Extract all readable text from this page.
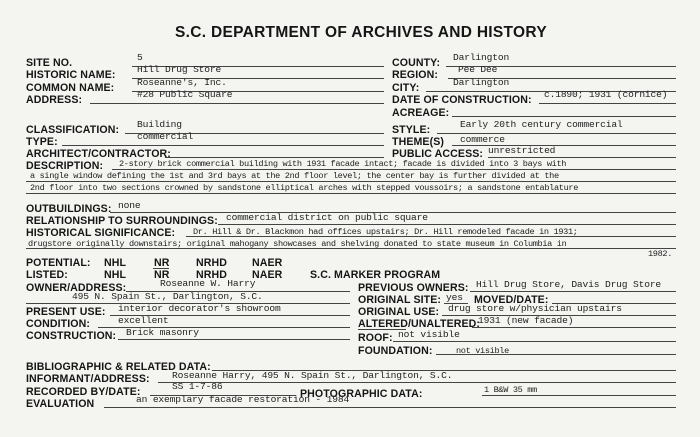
S.C. DEPARTMENT OF ARCHIVES AND HISTORY
SITE NO.	5
HISTORIC NAME: Hill Drug Store
COMMON NAME: Roseanne's, Inc.
ADDRESS:	#28 Public Square
CLASSIFICATION: Building
TYPE:	commercial
ARCHITECT/CONTRACTOR:
COUNTY: Darlington
REGION: Pee Dee
CITY:	Darlington
DATE OF CONSTRUCTION: c.1890; 1931 (cornice)
ACREAGE:
STYLE:	Early 20th century commercial
THEME(S) commerce
PUBLIC ACCESS: unrestricted
DESCRIPTION: 2-story brick commercial building with 1931 facade intact; facade is divided into 3 bays with
a single window defining the 1st and 3rd bays at the 2nd floor level; the center bay is further divided at the
2nd floor into two sections crowned by sandstone elliptical arches with stepped voussoirs; a sandstone entablature
OUTBUILDINGS: none
RELATIONSHIP TO SURROUNDINGS: commercial district on public square
HISTORICAL SIGNIFICANCE: Dr. Hill & Dr. Blackmon had offices upstairs; Dr. Hill remodeled facade in 1931;
drugstore originally downstairs; original mahogany showcases and shelving donated to state museum in Columbia in
1982.
POTENTIAL: NHL	NR NRHD NAER
LISTED:	NHL	NR NRHD NAER	S.C. MARKER PROGRAM
OWNER/ADDRESS:	Roseanne W. Harry
495 N. Spain St., Darlington, S.C.
PRESENT USE: interior decorator's showroom
CONDITION:	excellent
CONSTRUCTION: Brick masonry
PREVIOUS OWNERS: Hill Drug Store, Davis Drug Store
ORIGINAL SITE: yes MOVED/DATE:
ORIGINAL USE: drug store w/physician upstairs
ALTERED/UNALTERED:
1931 (new facade)
ROOF: not visible
FOUNDATION:	not visible
BIBLIOGRAPHIC & RELATED DATA:
INFORMANT/ADDRESS: Roseanne Harry, 495 N. Spain St., Darlington, S.C.
RECORDED BY/DATE:	SS 1-7-86
PHOTOGRAPHIC DATA:	1 B&W 35 mm
EVALUATION	an exemplary facade restoration - 1984
